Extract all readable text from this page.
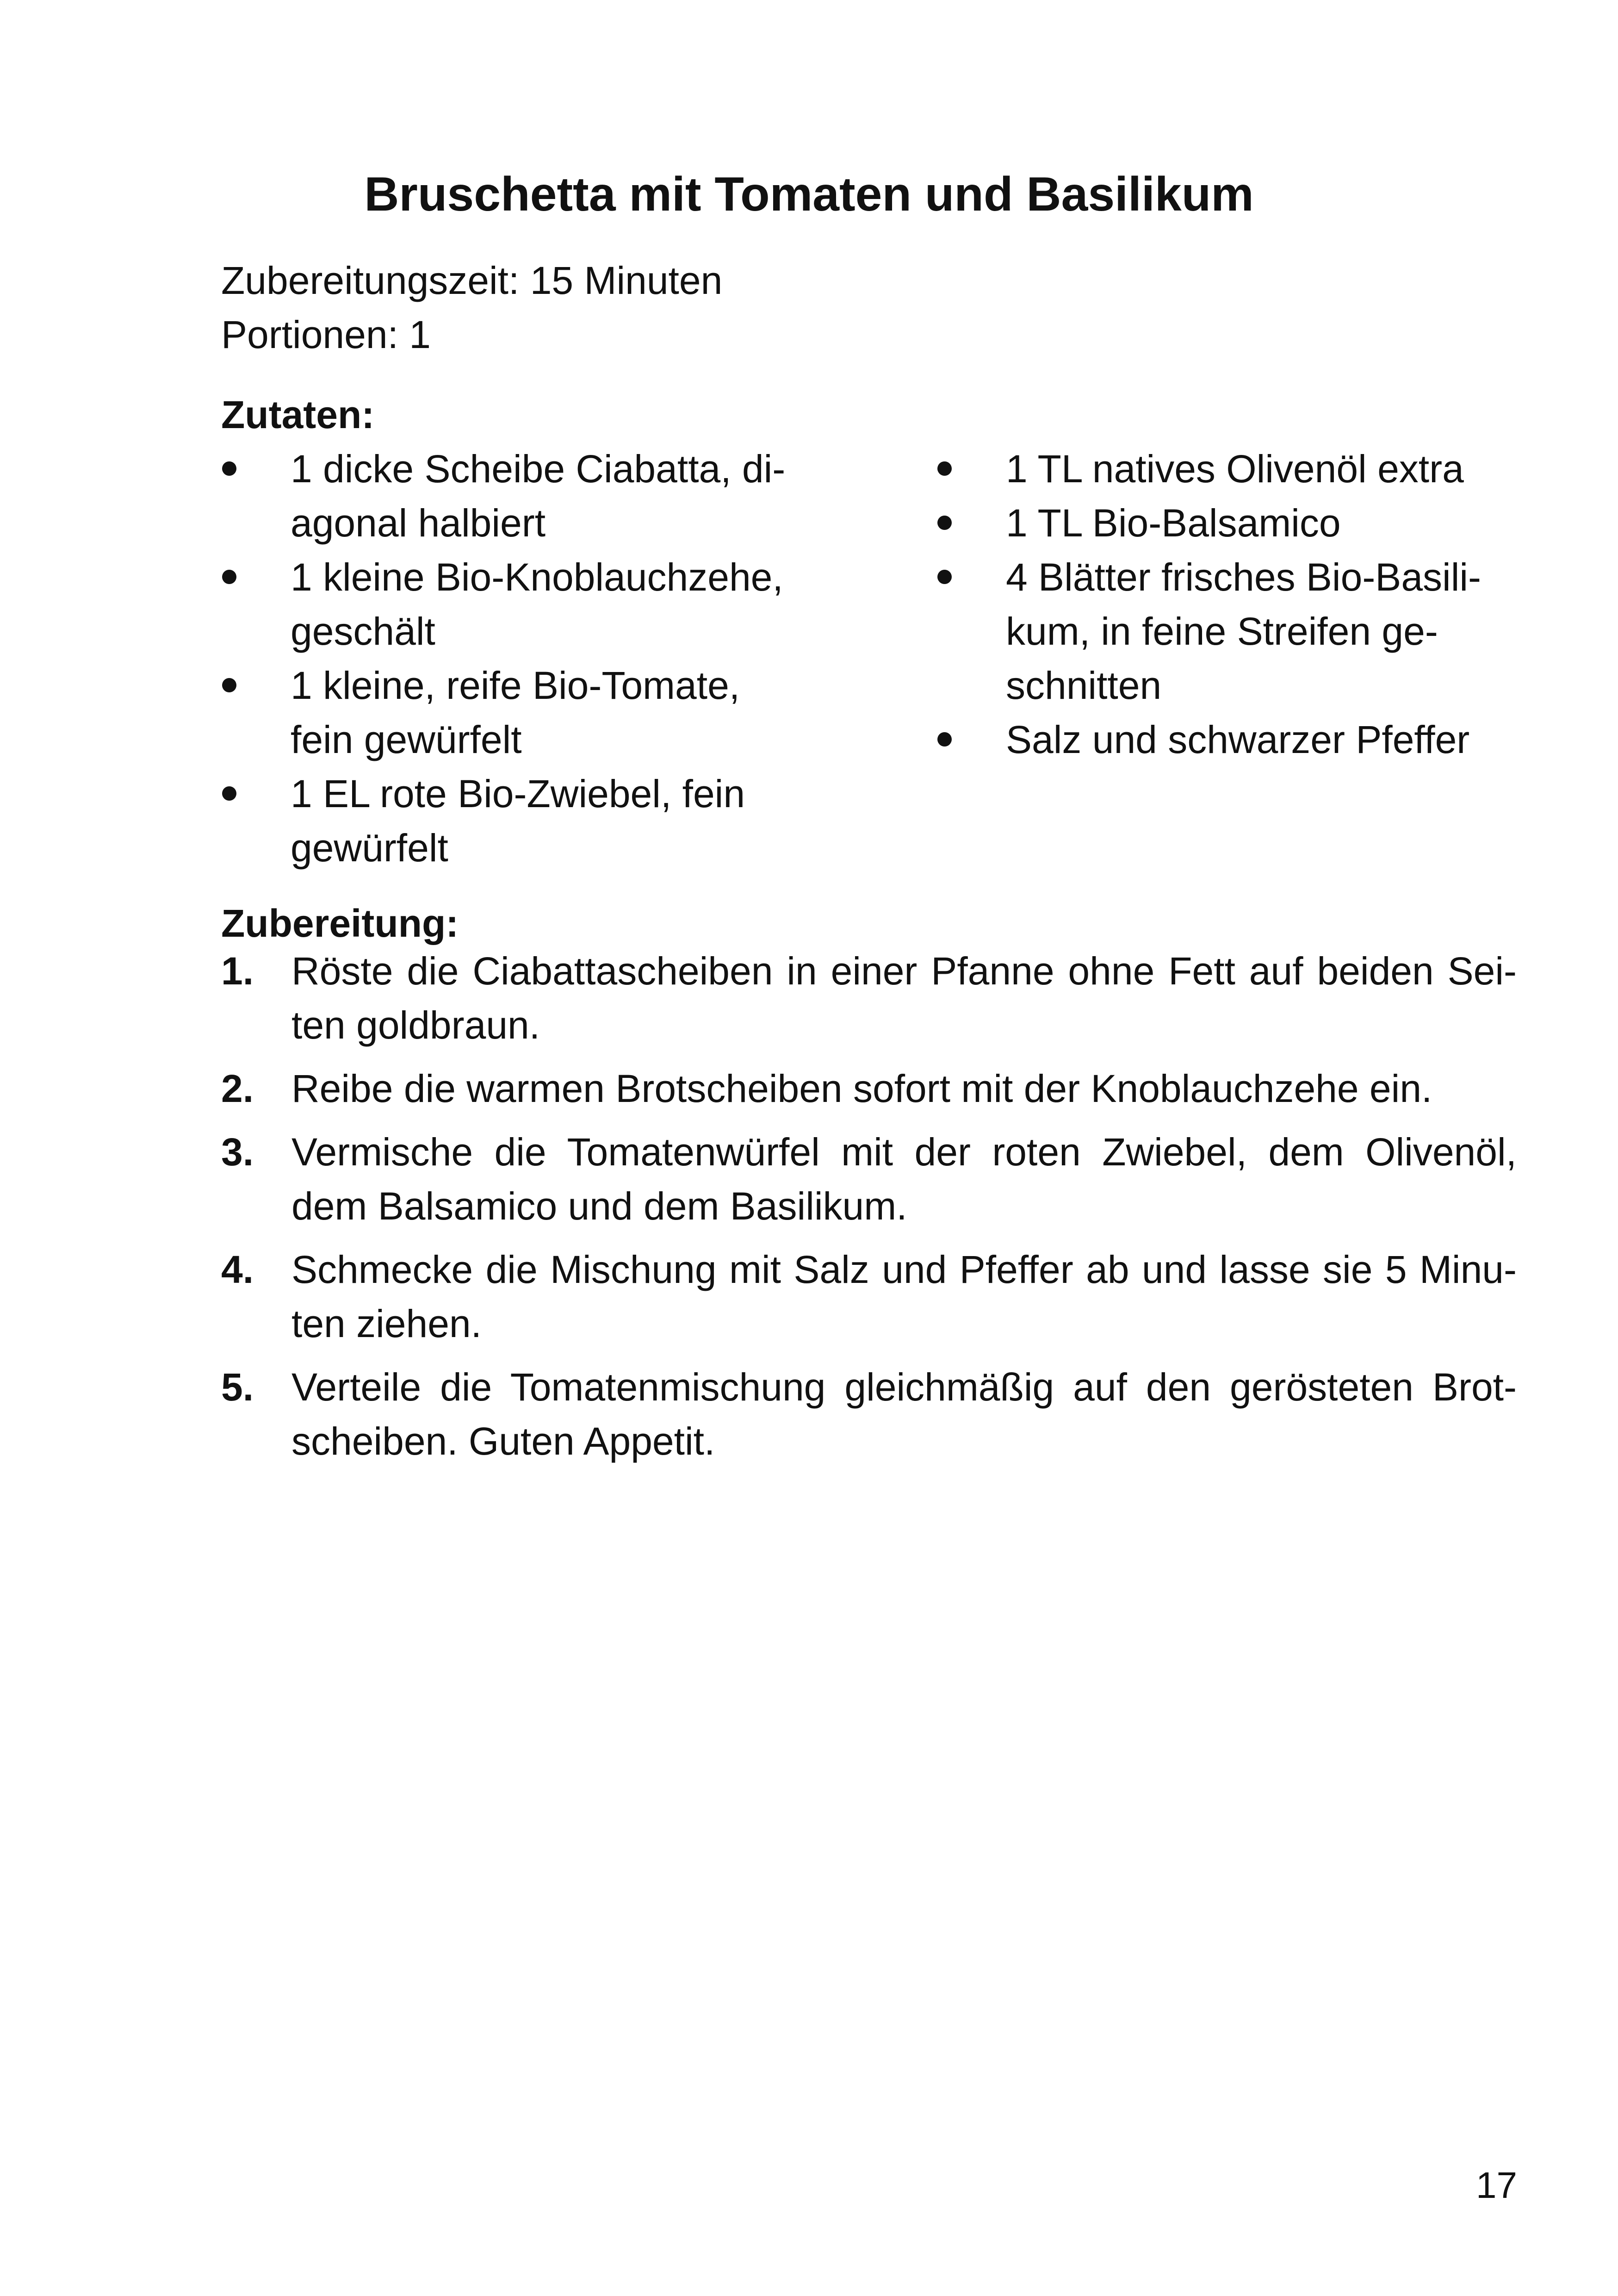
Bruschetta mit Tomaten und Basilikum
Zubereitungszeit: 15 Minuten
Portionen: 1
Zutaten:
1 dicke Scheibe Ciabatta, di-
agonal halbiert
1 kleine Bio-Knoblauchzehe,
geschält
1 kleine, reife Bio-Tomate,
fein gewürfelt
1 EL rote Bio-Zwiebel, fein
gewürfelt
1 TL natives Olivenöl extra
1 TL Bio-Balsamico
4 Blätter frisches Bio-Basili-
kum, in feine Streifen ge-
schnitten
Salz und schwarzer Pfeffer
Zubereitung:
1. Röste die Ciabattascheiben in einer Pfanne ohne Fett auf beiden Sei-
ten goldbraun.
2. Reibe die warmen Brotscheiben sofort mit der Knoblauchzehe ein.
3. Vermische die Tomatenwürfel mit der roten Zwiebel, dem Olivenöl,
dem Balsamico und dem Basilikum.
4. Schmecke die Mischung mit Salz und Pfeffer ab und lasse sie 5 Minu-
ten ziehen.
5. Verteile die Tomatenmischung gleichmäßig auf den gerösteten Brot-
scheiben. Guten Appetit.
17
